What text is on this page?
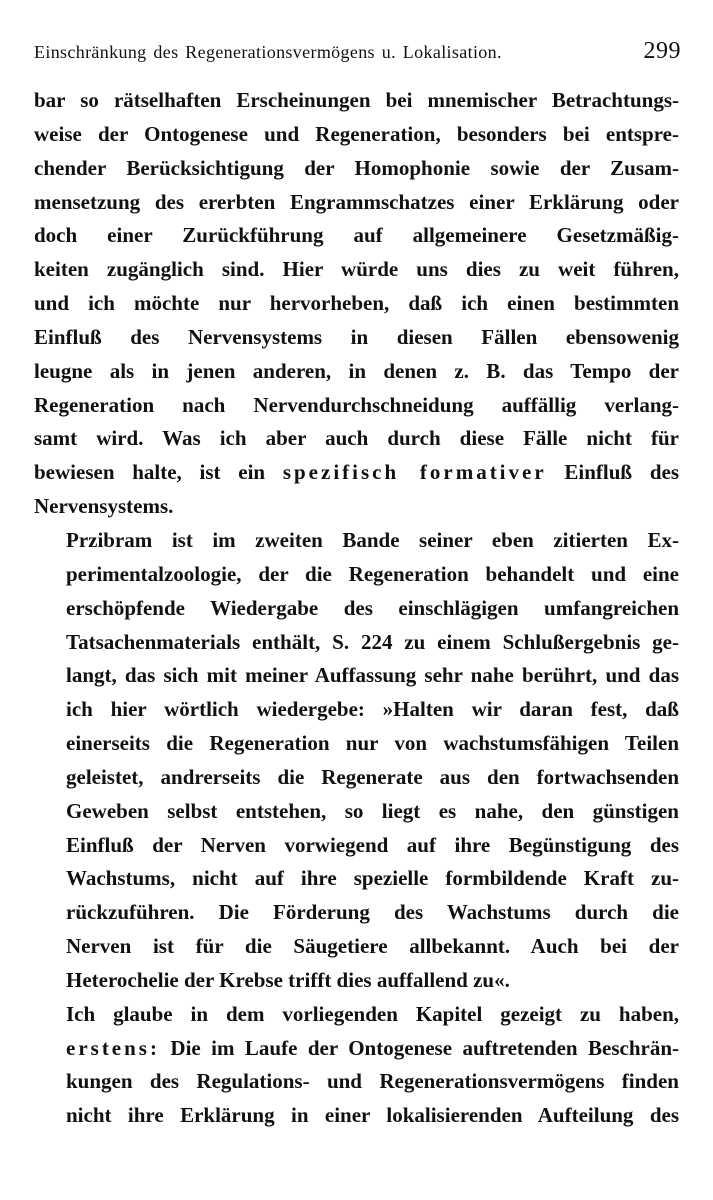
Einschränkung des Regenerationsvermögens u. Lokalisation.	299

bar so rätselhaften Erscheinungen bei mnemischer Betrachtungs-
weise der Ontogenese und Regeneration, besonders bei entspre-
chender Berücksichtigung der Homophonie sowie der Zusam-
mensetzung des ererbten Engrammschatzes einer Erklärung oder
doch einer Zurückführung auf allgemeinere Gesetzmäßig-
keiten zugänglich sind. Hier würde uns dies zu weit führen,
und ich möchte nur hervorheben, daß ich einen bestimmten
Einfluß des Nervensystems in diesen Fällen ebensowenig
leugne als in jenen anderen, in denen z. B. das Tempo der
Regeneration nach Nervendurchschneidung auffällig verlang-
samt wird. Was ich aber auch durch diese Fälle nicht für
bewiesen halte, ist ein spezifisch formativer Einfluß des
Nervensystems.

Przibram ist im zweiten Bande seiner eben zitierten Ex-
perimentalzoologie, der die Regeneration behandelt und eine
erschöpfende Wiedergabe des einschlägigen umfangreichen
Tatsachenmaterials enthält, S. 224 zu einem Schlußergebnis ge-
langt, das sich mit meiner Auffassung sehr nahe berührt, und das
ich hier wörtlich wiedergebe: »Halten wir daran fest, daß
einerseits die Regeneration nur von wachstumsfähigen Teilen
geleistet, andrerseits die Regenerate aus den fortwachsenden
Geweben selbst entstehen, so liegt es nahe, den günstigen
Einfluß der Nerven vorwiegend auf ihre Begünstigung des
Wachstums, nicht auf ihre spezielle formbildende Kraft zu-
rückzuführen. Die Förderung des Wachstums durch die
Nerven ist für die Säugetiere allbekannt. Auch bei der
Heterochelie der Krebse trifft dies auffallend zu«.

Ich glaube in dem vorliegenden Kapitel gezeigt zu haben,
erstens: Die im Laufe der Ontogenese auftretenden Beschrän-
kungen des Regulations- und Regenerationsvermögens finden
nicht ihre Erklärung in einer lokalisierenden Aufteilung des
